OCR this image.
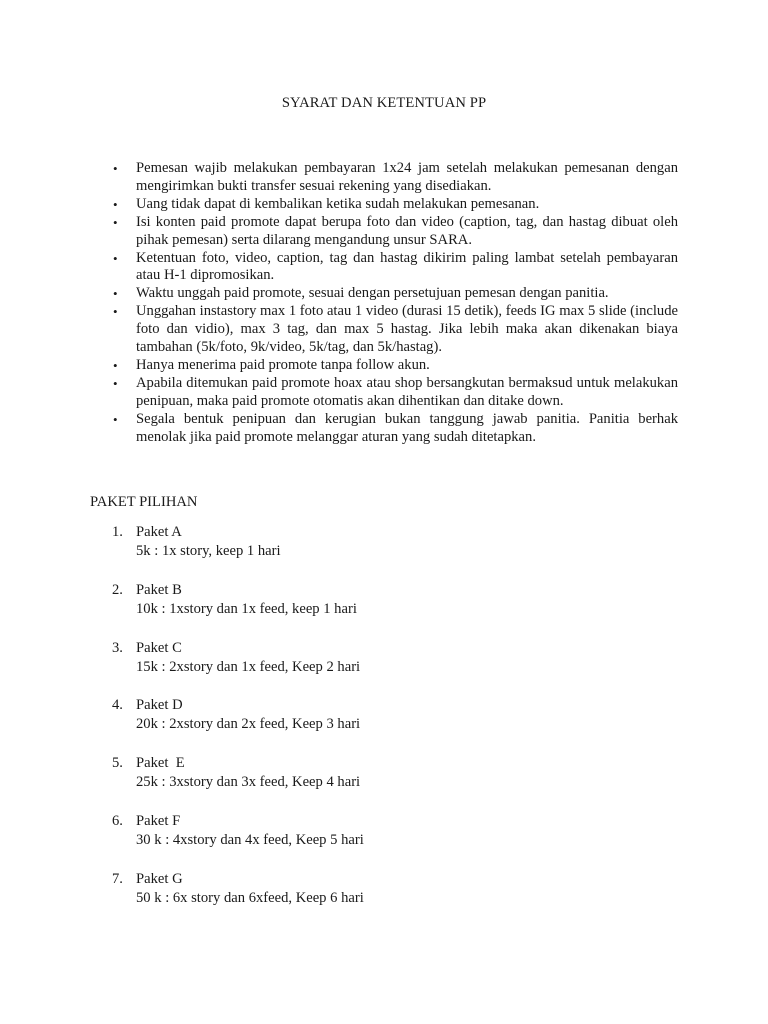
SYARAT DAN KETENTUAN PP
• Pemesan wajib melakukan pembayaran 1x24 jam setelah melakukan pemesanan dengan mengirimkan bukti transfer sesuai rekening yang disediakan.
• Uang tidak dapat di kembalikan ketika sudah melakukan pemesanan.
• Isi konten paid promote dapat berupa foto dan video (caption, tag, dan hastag dibuat oleh pihak pemesan) serta dilarang mengandung unsur SARA.
• Ketentuan foto, video, caption, tag dan hastag dikirim paling lambat setelah pembayaran atau H-1 dipromosikan.
• Waktu unggah paid promote, sesuai dengan persetujuan pemesan dengan panitia.
• Unggahan instastory max 1 foto atau 1 video (durasi 15 detik), feeds IG max 5 slide (include foto dan vidio), max 3 tag, dan max 5 hastag. Jika lebih maka akan dikenakan biaya tambahan (5k/foto, 9k/video, 5k/tag, dan 5k/hastag).
• Hanya menerima paid promote tanpa follow akun.
• Apabila ditemukan paid promote hoax atau shop bersangkutan bermaksud untuk melakukan penipuan, maka paid promote otomatis akan dihentikan dan ditake down.
• Segala bentuk penipuan dan kerugian bukan tanggung jawab panitia. Panitia berhak menolak jika paid promote melanggar aturan yang sudah ditetapkan.
PAKET PILIHAN
1. Paket A
5k : 1x story, keep 1 hari
2. Paket B
10k : 1xstory dan 1x feed, keep 1 hari
3. Paket C
15k : 2xstory dan 1x feed, Keep 2 hari
4. Paket D
20k : 2xstory dan 2x feed, Keep 3 hari
5. Paket  E
25k : 3xstory dan 3x feed, Keep 4 hari
6. Paket F
30 k : 4xstory dan 4x feed, Keep 5 hari
7. Paket G
50 k : 6x story dan 6xfeed, Keep 6 hari
